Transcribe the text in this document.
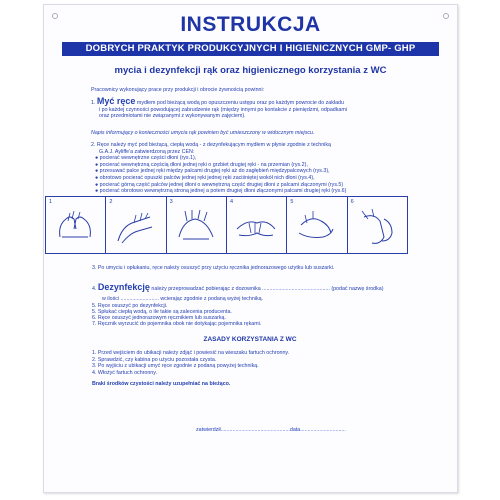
INSTRUKCJA
DOBRYCH PRAKTYK PRODUKCYJNYCH I HIGIENICZNYCH GMP- GHP
mycia i dezynfekcji rąk oraz higienicznego korzystania z WC
Pracownicy wykonujący prace przy produkcji i obrocie żywnością powinni:
1. Myć ręce mydłem pod bieżącą wodą po opuszczeniu ustępu oraz po każdym powrocie do zakładu
i po każdej czynności powodującej zabrudzenie rąk (między innymi po kontakcie z pieniędzmi, odpadkami
oraz przedmiotami nie związanymi z wykonywanym zajęciem).
Napis informujący o konieczności umycia rąk powinien być umieszczony w widocznym miejscu.
2. Ręce należy myć pod bieżącą, ciepłą wodą - z dezynfekującym mydłem w płynie zgodnie z techniką
G.A.J. Ayliffe'a zatwierdzoną przez CEN:
● pocierać wewnętrzne części dłoni (rys.1),
● pocierać wewnętrzną częścią dłoni jednej ręki o grzbiet drugiej ręki - na przemian (rys.2),
● przesuwać palce jednej ręki między palcami drugiej ręki aż do zagłębień międzypalcowych (rys.3),
● obrotowo pocierać opuszki palców jednej ręki jednej ręki zaciśniętej wokół nich dłoni (rys.4),
● pocierać górną część palców jednej dłoni o wewnętrzną część drugiej dłoni z palcami złączonymi (rys.5)
● pocierać obrotowo wewnętrzną stroną jednej a potem drugiej dłoni złączonymi palcami drugiej ręki (rys.6)
1	2	3	4	5	6
3. Po umyciu i opłukaniu, ręce należy osuszyć przy użyciu ręcznika jednorazowego użytku lub suszarki.
4. Dezynfekcję należy przeprowadzać pobierając z dozownika .............................................. (podać nazwę środka)
w ilości .......................... wcierając zgodnie z podaną wyżej techniką.
5. Ręce osuszyć po dezynfekcji.
5. Spłukać ciepłą wodą, o ile takie są zalecenia producenta.
6. Ręce osuszyć jednorazowym ręcznikiem lub suszarką.
7. Ręcznik wyrzucić do pojemnika obok nie dotykając pojemnika rękami.
ZASADY KORZYSTANIA Z WC
1. Przed wejściem do ubikacji należy zdjąć i powiesić na wieszaku fartuch ochronny.
2. Sprawdzić, czy kabina po użyciu pozostała czysta.
3. Po wyjściu z ubikacji umyć ręce zgodnie z podaną powyżej techniką.
4. Włożyć fartuch ochronny.
Braki środków czystości należy uzupełniać na bieżąco.
zatwierdził...............................................data...............................
